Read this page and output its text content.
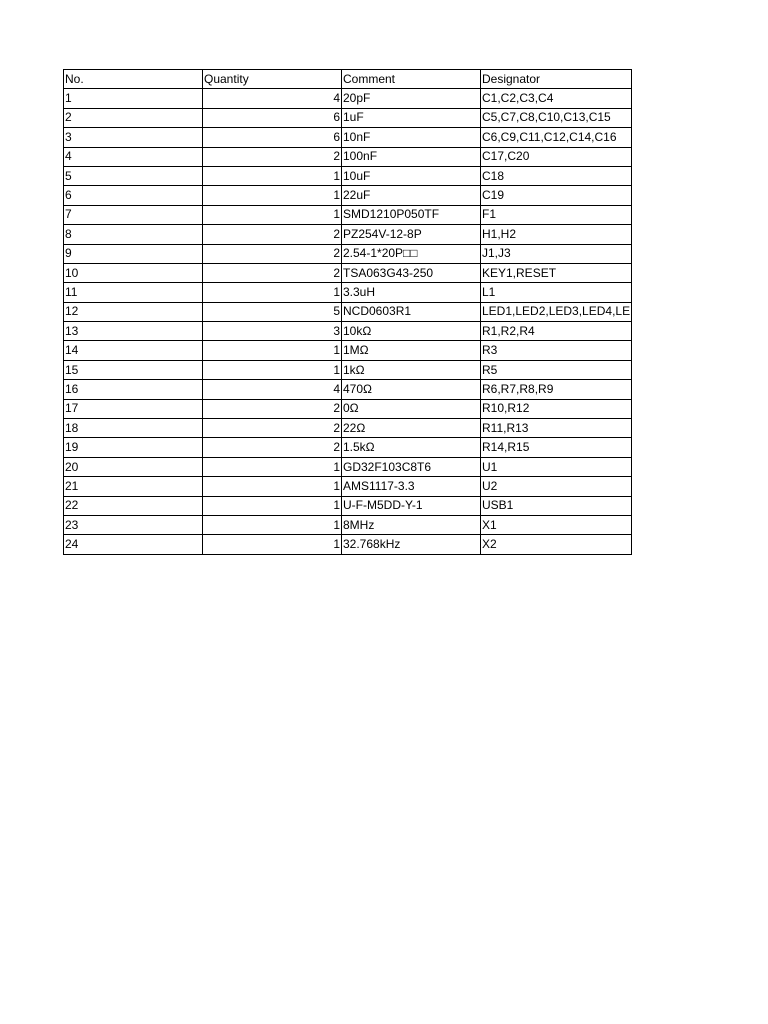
No.	Quantity	Comment	Designator
1	4	20pF	C1,C2,C3,C4
2	6	1uF	C5,C7,C8,C10,C13,C15
3	6	10nF	C6,C9,C11,C12,C14,C16
4	2	100nF	C17,C20
5	1	10uF	C18
6	1	22uF	C19
7	1	SMD1210P050TF	F1
8	2	PZ254V-12-8P	H1,H2
9	2	2.54-1*20P□□	J1,J3
10	2	TSA063G43-250	KEY1,RESET
11	1	3.3uH	L1
12	5	NCD0603R1	LED1,LED2,LED3,LED4,LE
13	3	10kΩ	R1,R2,R4
14	1	1MΩ	R3
15	1	1kΩ	R5
16	4	470Ω	R6,R7,R8,R9
17	2	0Ω	R10,R12
18	2	22Ω	R11,R13
19	2	1.5kΩ	R14,R15
20	1	GD32F103C8T6	U1
21	1	AMS1117-3.3	U2
22	1	U-F-M5DD-Y-1	USB1
23	1	8MHz	X1
24	1	32.768kHz	X2
